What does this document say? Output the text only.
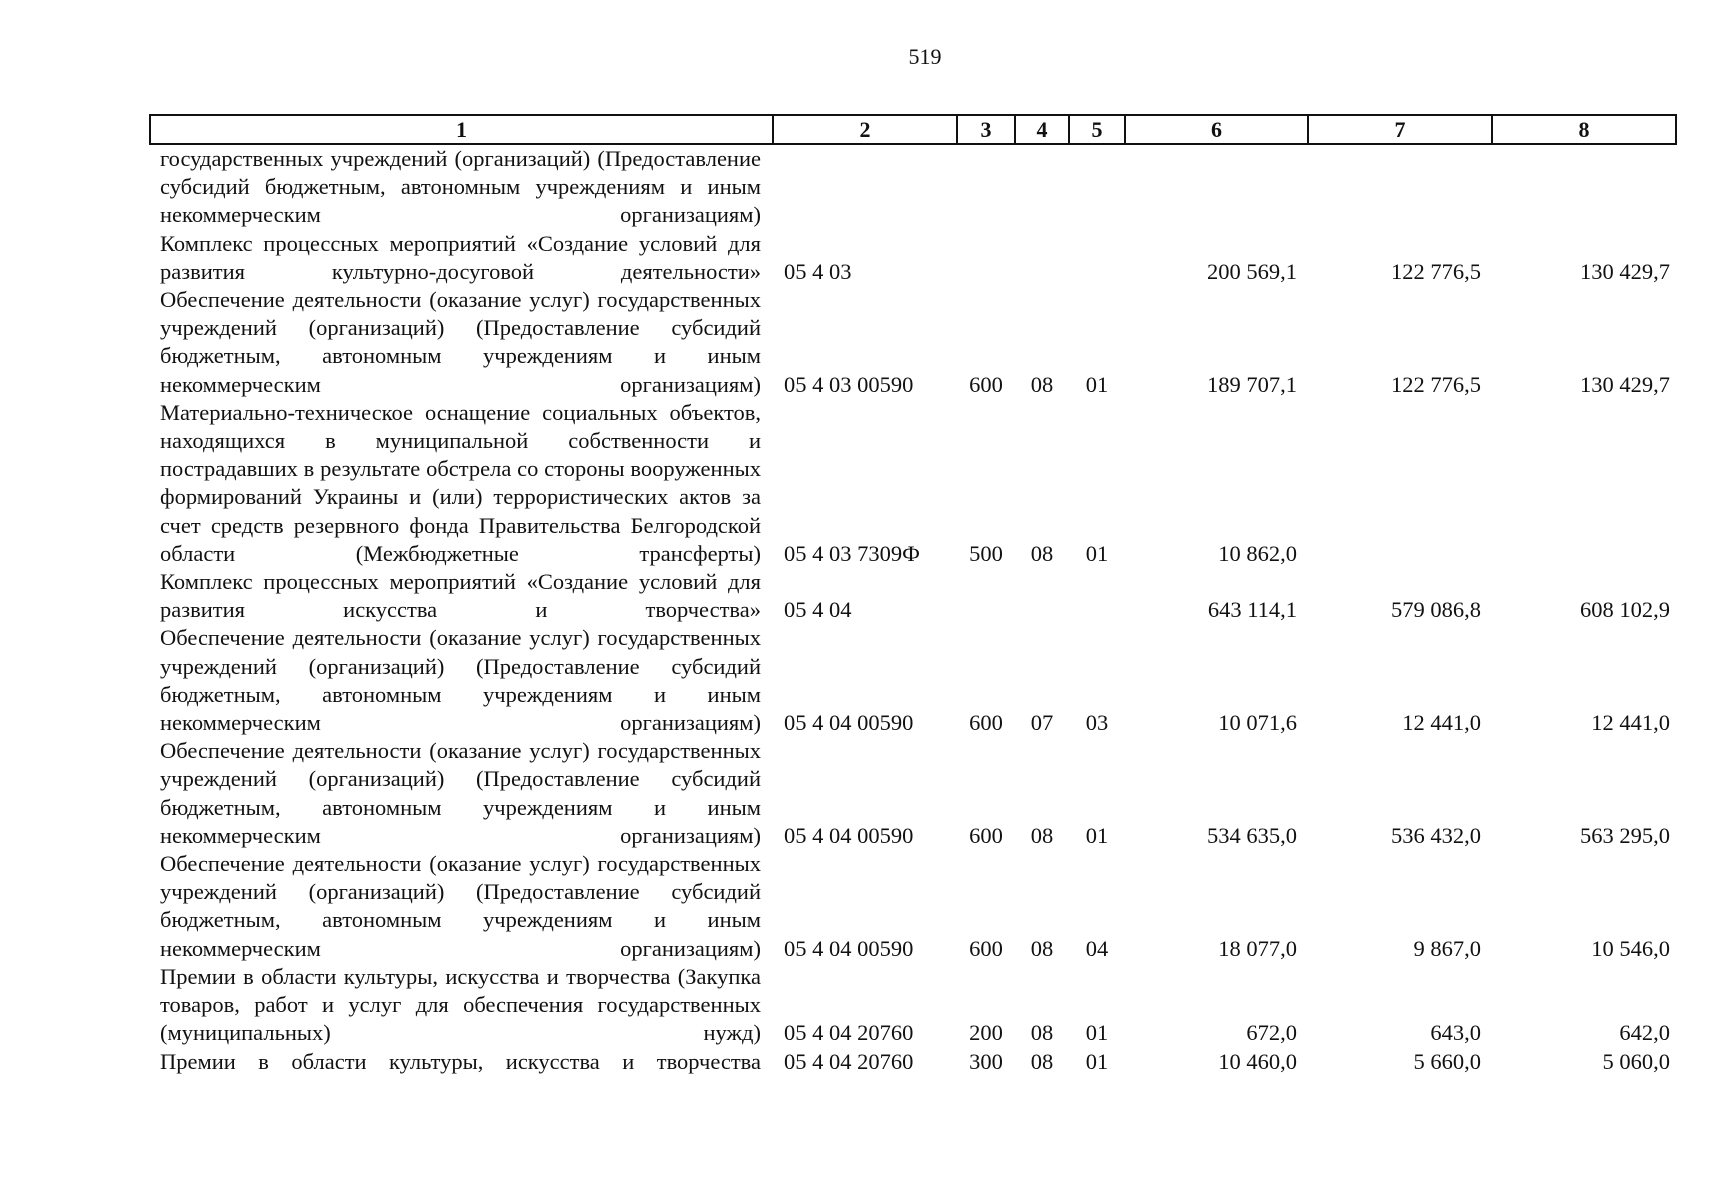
519
1	2	3	4	5	6	7	8
государственных учреждений (организаций) (Предоставление субсидий бюджетным, автономным учреждениям и иным некоммерческим организациям)							
Комплекс процессных мероприятий «Создание условий для развития культурно-досуговой деятельности»	05 4 03				200 569,1	122 776,5	130 429,7
Обеспечение деятельности (оказание услуг) государственных учреждений (организаций) (Предоставление субсидий бюджетным, автономным учреждениям и иным некоммерческим организациям)	05 4 03 00590	600	08	01	189 707,1	122 776,5	130 429,7
Материально-техническое оснащение социальных объектов, находящихся в муниципальной собственности и пострадавших в результате обстрела со стороны вооруженных формирований Украины и (или) террористических актов за счет средств резервного фонда Правительства Белгородской области (Межбюджетные трансферты)	05 4 03 7309Ф	500	08	01	10 862,0		
Комплекс процессных мероприятий «Создание условий для развития искусства и творчества»	05 4 04				643 114,1	579 086,8	608 102,9
Обеспечение деятельности (оказание услуг) государственных учреждений (организаций) (Предоставление субсидий бюджетным, автономным учреждениям и иным некоммерческим организациям)	05 4 04 00590	600	07	03	10 071,6	12 441,0	12 441,0
Обеспечение деятельности (оказание услуг) государственных учреждений (организаций) (Предоставление субсидий бюджетным, автономным учреждениям и иным некоммерческим организациям)	05 4 04 00590	600	08	01	534 635,0	536 432,0	563 295,0
Обеспечение деятельности (оказание услуг) государственных учреждений (организаций) (Предоставление субсидий бюджетным, автономным учреждениям и иным некоммерческим организациям)	05 4 04 00590	600	08	04	18 077,0	9 867,0	10 546,0
Премии в области культуры, искусства и творчества (Закупка товаров, работ и услуг для обеспечения государственных (муниципальных) нужд)	05 4 04 20760	200	08	01	672,0	643,0	642,0
Премии в области культуры, искусства и творчества	05 4 04 20760	300	08	01	10 460,0	5 660,0	5 060,0
